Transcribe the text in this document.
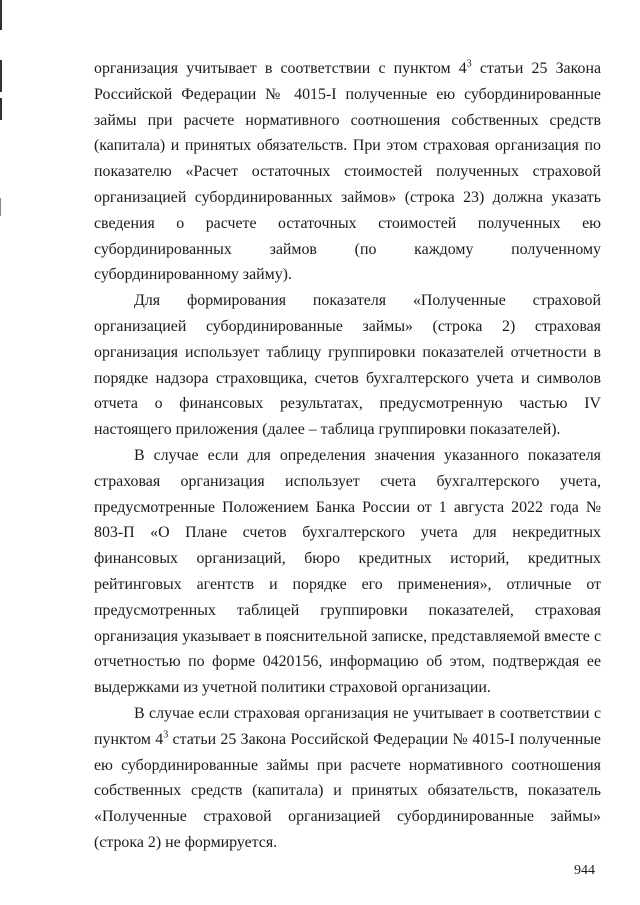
организация учитывает в соответствии с пунктом $4^3$ статьи 25 Закона Российской Федерации № 4015-I полученные ею субординированные займы при расчете нормативного соотношения собственных средств (капитала) и принятых обязательств. При этом страховая организация по показателю «Расчет остаточных стоимостей полученных страховой организацией субординированных займов» (строка 23) должна указать сведения о расчете остаточных стоимостей полученных ею субординированных займов (по каждому полученному субординированному займу).

Для формирования показателя «Полученные страховой организацией субординированные займы» (строка 2) страховая организация использует таблицу группировки показателей отчетности в порядке надзора страховщика, счетов бухгалтерского учета и символов отчета о финансовых результатах, предусмотренную частью IV настоящего приложения (далее – таблица группировки показателей).

В случае если для определения значения указанного показателя страховая организация использует счета бухгалтерского учета, предусмотренные Положением Банка России от 1 августа 2022 года № 803-П «О Плане счетов бухгалтерского учета для некредитных финансовых организаций, бюро кредитных историй, кредитных рейтинговых агентств и порядке его применения», отличные от предусмотренных таблицей группировки показателей, страховая организация указывает в пояснительной записке, представляемой вместе с отчетностью по форме 0420156, информацию об этом, подтверждая ее выдержками из учетной политики страховой организации.

В случае если страховая организация не учитывает в соответствии с пунктом $4^3$ статьи 25 Закона Российской Федерации № 4015-I полученные ею субординированные займы при расчете нормативного соотношения собственных средств (капитала) и принятых обязательств, показатель «Полученные страховой организацией субординированные займы» (строка 2) не формируется.

944
